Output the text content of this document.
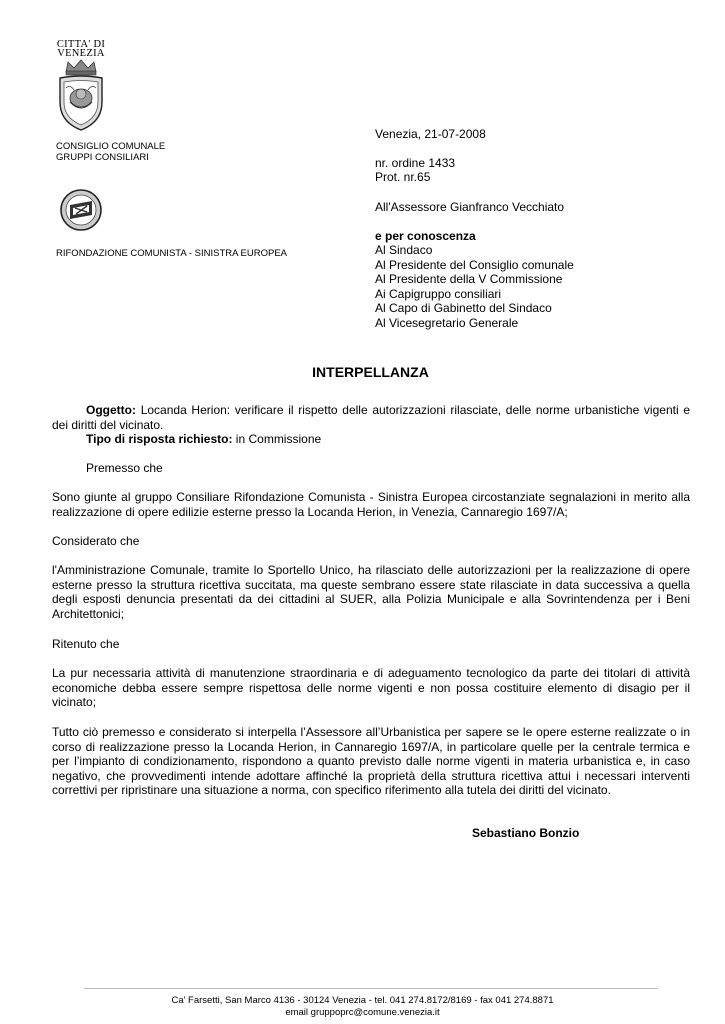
CITTA' DI
VENEZIA
CONSIGLIO COMUNALE
GRUPPI CONSILIARI
RIFONDAZIONE COMUNISTA - SINISTRA EUROPEA
Venezia, 21-07-2008
nr. ordine 1433
Prot. nr.65
All'Assessore Gianfranco Vecchiato
e per conoscenza
Al Sindaco
Al Presidente del Consiglio comunale
Al Presidente della V Commissione
Ai Capigruppo consiliari
Al Capo di Gabinetto del Sindaco
Al Vicesegretario Generale
INTERPELLANZA
Oggetto: Locanda Herion: verificare il rispetto delle autorizzazioni rilasciate, delle norme urbanistiche vigenti e dei diritti del vicinato.
Tipo di risposta richiesto: in Commissione
Premesso che
Sono giunte al gruppo Consiliare Rifondazione Comunista - Sinistra Europea circostanziate segnalazioni in merito alla realizzazione di opere edilizie esterne presso la Locanda Herion, in Venezia, Cannaregio 1697/A;
Considerato che
l'Amministrazione Comunale, tramite lo Sportello Unico, ha rilasciato delle autorizzazioni per la realizzazione di opere esterne presso la struttura ricettiva succitata, ma queste sembrano essere state rilasciate in data successiva a quella degli esposti denuncia presentati da dei cittadini al SUER, alla Polizia Municipale e alla Sovrintendenza per i Beni Architettonici;
Ritenuto che
La pur necessaria attività di manutenzione straordinaria e di adeguamento tecnologico da parte dei titolari di attività economiche debba essere sempre rispettosa delle norme vigenti e non possa costituire elemento di disagio per il vicinato;
Tutto ciò premesso e considerato si interpella l’Assessore all’Urbanistica per sapere se le opere esterne realizzate o in corso di realizzazione presso la Locanda Herion, in Cannaregio 1697/A, in particolare quelle per la centrale termica e per l’impianto di condizionamento, rispondono a quanto previsto dalle norme vigenti in materia urbanistica e, in caso negativo, che provvedimenti intende adottare affinché la proprietà della struttura ricettiva attui i necessari interventi correttivi per ripristinare una situazione a norma, con specifico riferimento alla tutela dei diritti del vicinato.
Sebastiano Bonzio
Ca' Farsetti, San Marco 4136 - 30124 Venezia - tel. 041 274.8172/8169 - fax 041 274.8871
email gruppoprc@comune.venezia.it
